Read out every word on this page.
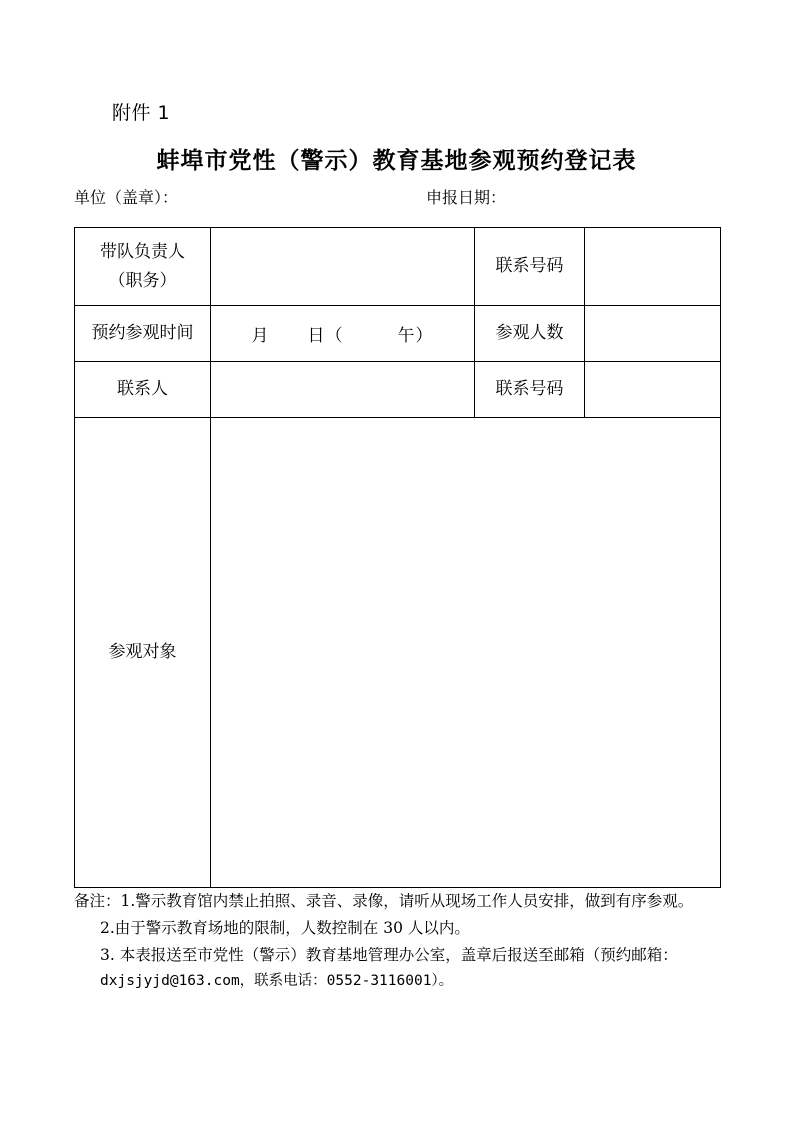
附件 1
蚌埠市党性（警示）教育基地参观预约登记表
单位（盖章）：	申报日期：
带队负责人
（职务）		联系号码	
预约参观时间	月 日（ 午）	参观人数	
联系人		联系号码	
参观对象			
备注：1.警示教育馆内禁止拍照、录音、录像，请听从现场工作人员安排，做到有序参观。
2.由于警示教育场地的限制，人数控制在 30 人以内。
3. 本表报送至市党性（警示）教育基地管理办公室，盖章后报送至邮箱（预约邮箱：
dxjsjyjd@163.com，联系电话：0552-3116001）。
